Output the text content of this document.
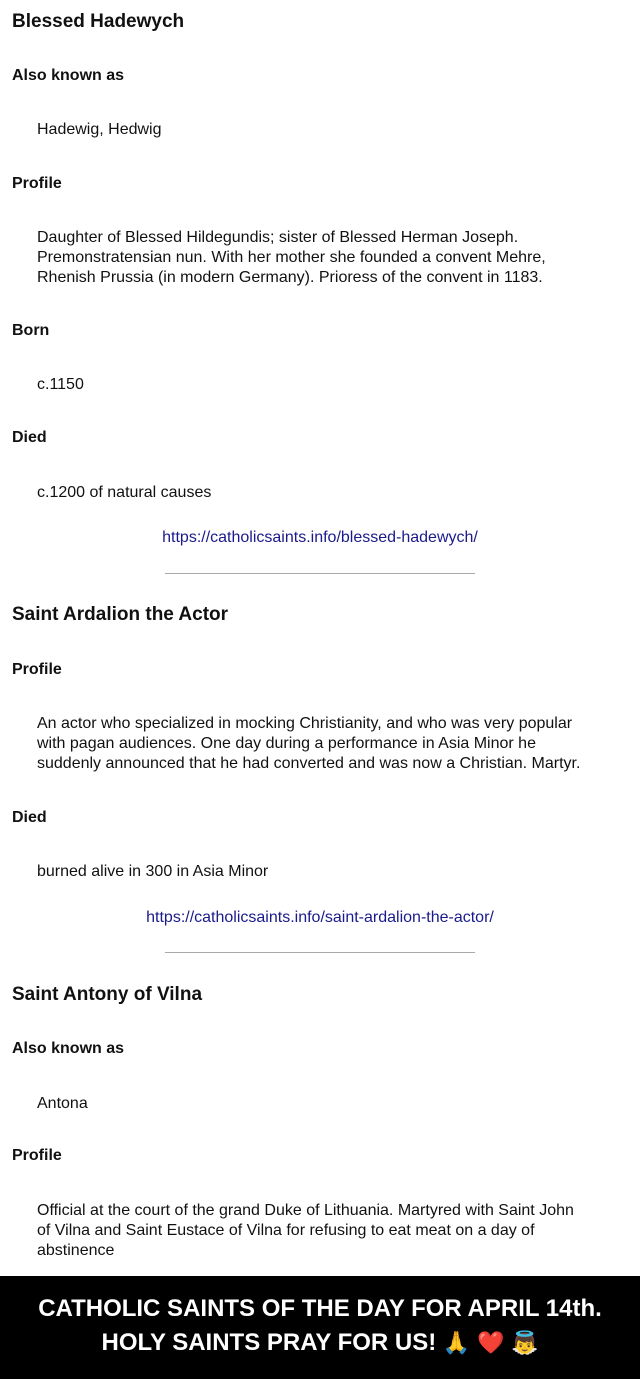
Blessed Hadewych
Also known as
Hadewig, Hedwig
Profile
Daughter of Blessed Hildegundis; sister of Blessed Herman Joseph.
Premonstratensian nun. With her mother she founded a convent Mehre,
Rhenish Prussia (in modern Germany). Prioress of the convent in 1183.
Born
c.1150
Died
c.1200 of natural causes
https://catholicsaints.info/blessed-hadewych/
Saint Ardalion the Actor
Profile
An actor who specialized in mocking Christianity, and who was very popular
with pagan audiences. One day during a performance in Asia Minor he
suddenly announced that he had converted and was now a Christian. Martyr.
Died
burned alive in 300 in Asia Minor
https://catholicsaints.info/saint-ardalion-the-actor/
Saint Antony of Vilna
Also known as
Antona
Profile
Official at the court of the grand Duke of Lithuania. Martyred with Saint John
of Vilna and Saint Eustace of Vilna for refusing to eat meat on a day of
abstinence
CATHOLIC SAINTS OF THE DAY FOR APRIL 14th.
HOLY SAINTS PRAY FOR US! 🙏 ❤️ 👼
